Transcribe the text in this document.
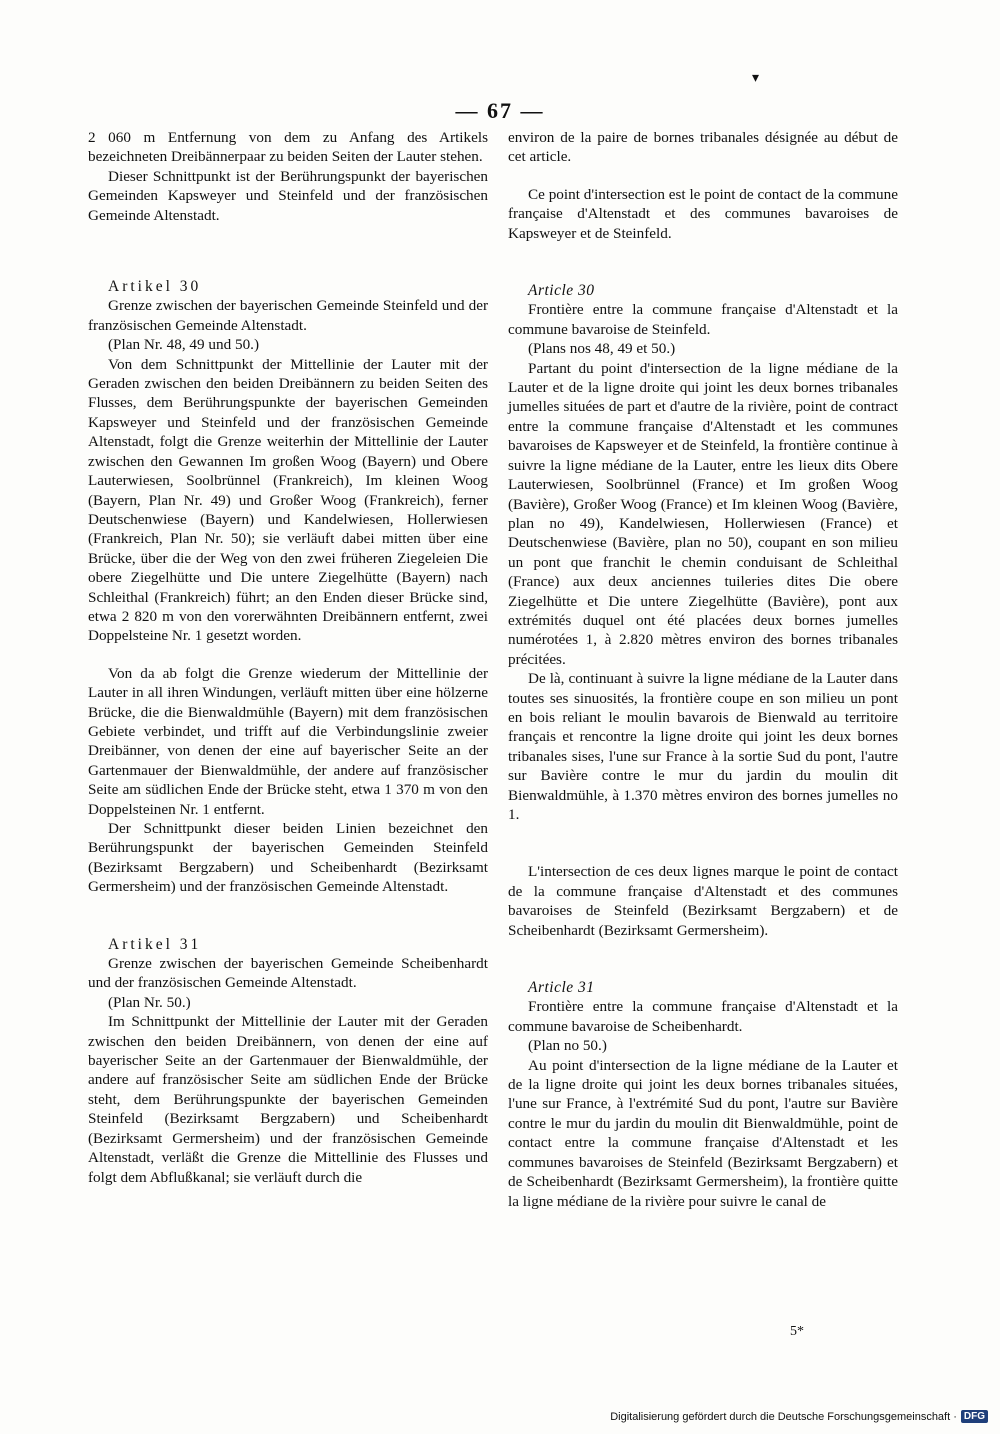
— 67 —
▾

2 060 m Entfernung von dem zu Anfang des Artikels bezeichneten Dreibännerpaar zu beiden Seiten der Lauter stehen.

Dieser Schnittpunkt ist der Berührungspunkt der bayerischen Gemeinden Kapsweyer und Steinfeld und der französischen Gemeinde Altenstadt.

Artikel 30

Grenze zwischen der bayerischen Gemeinde Steinfeld und der französischen Gemeinde Altenstadt.

(Plan Nr. 48, 49 und 50.)

Von dem Schnittpunkt der Mittellinie der Lauter mit der Geraden zwischen den beiden Dreibännern zu beiden Seiten des Flusses, dem Berührungspunkte der bayerischen Gemeinden Kapsweyer und Steinfeld und der französischen Gemeinde Altenstadt, folgt die Grenze weiterhin der Mittellinie der Lauter zwischen den Gewannen Im großen Woog (Bayern) und Obere Lauterwiesen, Soolbrünnel (Frankreich), Im kleinen Woog (Bayern, Plan Nr. 49) und Großer Woog (Frankreich), ferner Deutschenwiese (Bayern) und Kandelwiesen, Hollerwiesen (Frankreich, Plan Nr. 50); sie verläuft dabei mitten über eine Brücke, über die der Weg von den zwei früheren Ziegeleien Die obere Ziegelhütte und Die untere Ziegelhütte (Bayern) nach Schleithal (Frankreich) führt; an den Enden dieser Brücke sind, etwa 2 820 m von den vorerwähnten Dreibännern entfernt, zwei Doppelsteine Nr. 1 gesetzt worden.

Von da ab folgt die Grenze wiederum der Mittellinie der Lauter in all ihren Windungen, verläuft mitten über eine hölzerne Brücke, die die Bienwaldmühle (Bayern) mit dem französischen Gebiete verbindet, und trifft auf die Verbindungslinie zweier Dreibänner, von denen der eine auf bayerischer Seite an der Gartenmauer der Bienwaldmühle, der andere auf französischer Seite am südlichen Ende der Brücke steht, etwa 1 370 m von den Doppelsteinen Nr. 1 entfernt.

Der Schnittpunkt dieser beiden Linien bezeichnet den Berührungspunkt der bayerischen Gemeinden Steinfeld (Bezirksamt Bergzabern) und Scheibenhardt (Bezirksamt Germersheim) und der französischen Gemeinde Altenstadt.

Artikel 31

Grenze zwischen der bayerischen Gemeinde Scheibenhardt und der französischen Gemeinde Altenstadt.

(Plan Nr. 50.)

Im Schnittpunkt der Mittellinie der Lauter mit der Geraden zwischen den beiden Dreibännern, von denen der eine auf bayerischer Seite an der Gartenmauer der Bienwaldmühle, der andere auf französischer Seite am südlichen Ende der Brücke steht, dem Berührungspunkte der bayerischen Gemeinden Steinfeld (Bezirksamt Bergzabern) und Scheibenhardt (Bezirksamt Germersheim) und der französischen Gemeinde Altenstadt, verläßt die Grenze die Mittellinie des Flusses und folgt dem Abflußkanal; sie verläuft durch die

environ de la paire de bornes tribanales désignée au début de cet article.

Ce point d'intersection est le point de contact de la commune française d'Altenstadt et des communes bavaroises de Kapsweyer et de Steinfeld.

Article 30

Frontière entre la commune française d'Altenstadt et la commune bavaroise de Steinfeld.

(Plans nos 48, 49 et 50.)

Partant du point d'intersection de la ligne médiane de la Lauter et de la ligne droite qui joint les deux bornes tribanales jumelles situées de part et d'autre de la rivière, point de contract entre la commune française d'Altenstadt et les communes bavaroises de Kapsweyer et de Steinfeld, la frontière continue à suivre la ligne médiane de la Lauter, entre les lieux dits Obere Lauterwiesen, Soolbrünnel (France) et Im großen Woog (Bavière), Großer Woog (France) et Im kleinen Woog (Bavière, plan no 49), Kandelwiesen, Hollerwiesen (France) et Deutschenwiese (Bavière, plan no 50), coupant en son milieu un pont que franchit le chemin conduisant de Schleithal (France) aux deux anciennes tuileries dites Die obere Ziegelhütte et Die untere Ziegelhütte (Bavière), pont aux extrémités duquel ont été placées deux bornes jumelles numérotées 1, à 2.820 mètres environ des bornes tribanales précitées.

De là, continuant à suivre la ligne médiane de la Lauter dans toutes ses sinuosités, la frontière coupe en son milieu un pont en bois reliant le moulin bavarois de Bienwald au territoire français et rencontre la ligne droite qui joint les deux bornes tribanales sises, l'une sur France à la sortie Sud du pont, l'autre sur Bavière contre le mur du jardin du moulin dit Bienwaldmühle, à 1.370 mètres environ des bornes jumelles no 1.

L'intersection de ces deux lignes marque le point de contact de la commune française d'Altenstadt et des communes bavaroises de Steinfeld (Bezirksamt Bergzabern) et de Scheibenhardt (Bezirksamt Germersheim).

Article 31

Frontière entre la commune française d'Altenstadt et la commune bavaroise de Scheibenhardt.

(Plan no 50.)

Au point d'intersection de la ligne médiane de la Lauter et de la ligne droite qui joint les deux bornes tribanales situées, l'une sur France, à l'extrémité Sud du pont, l'autre sur Bavière contre le mur du jardin du moulin dit Bienwaldmühle, point de contact entre la commune française d'Altenstadt et les communes bavaroises de Steinfeld (Bezirksamt Bergzabern) et de Scheibenhardt (Bezirksamt Germersheim), la frontière quitte la ligne médiane de la rivière pour suivre le canal de

5*
Digitalisierung gefördert durch die Deutsche Forschungsgemeinschaft · DFG
